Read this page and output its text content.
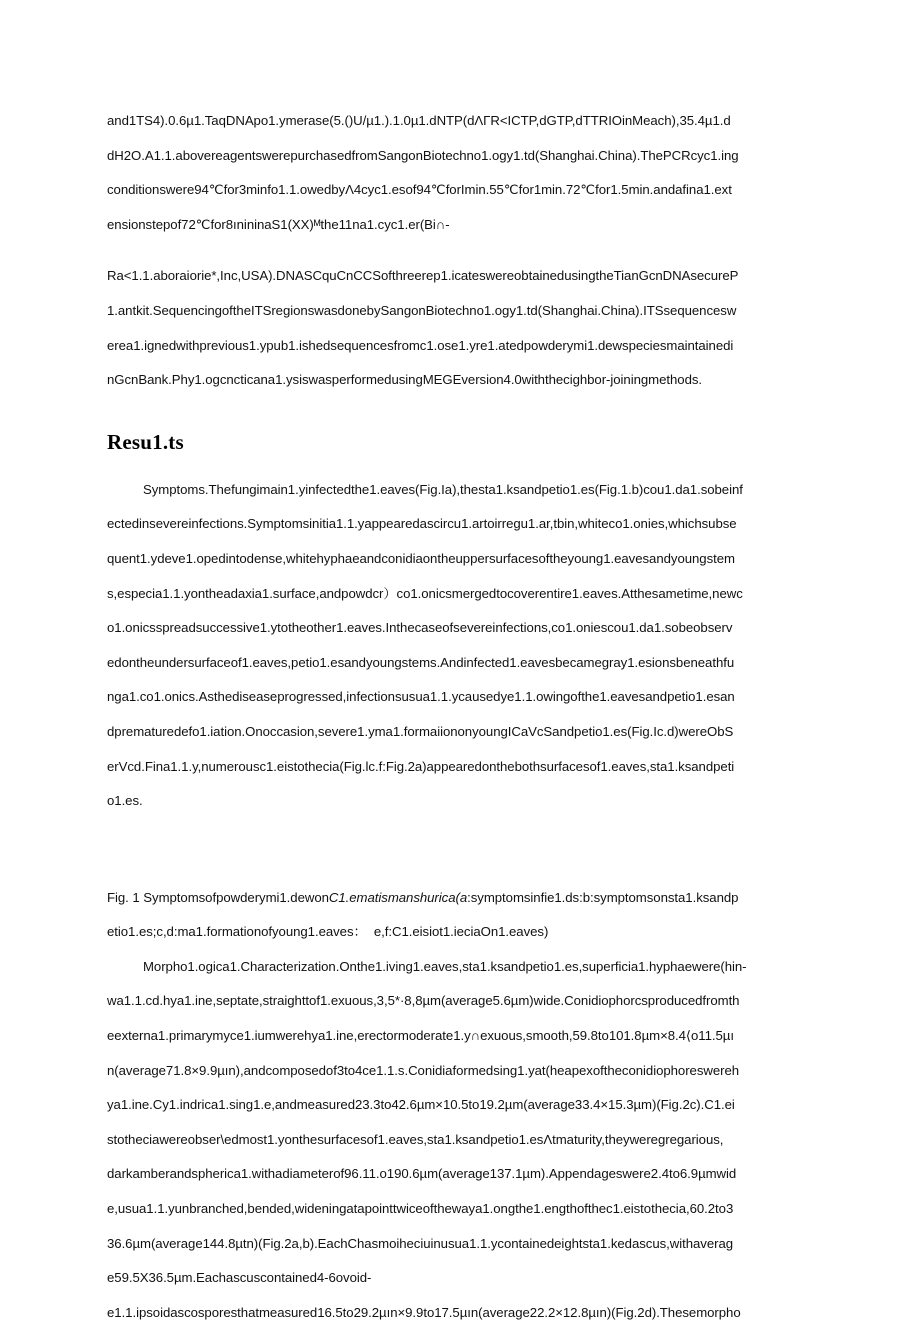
and1TS4).0.6µ1.TaqDNApo1.ymerase(5.()U/µ1.).1.0µ1.dNTP(dΛΓR<ICTP,dGTP,dTTRIOinMeach),35.4µ1.d
dH2O.A1.1.abovereagentswerepurchasedfromSangonBiotechno1.ogy1.td(Shanghai.China).ThePCRcyc1.ing
conditionswere94℃for3minfo1.1.owedbyΛ4cyc1.esof94℃forImin.55℃for1min.72℃for1.5min.andafina1.ext
ensionstepof72℃for8ınininaS1(XX)ᴹthe11na1.cyc1.er(Bi∩-
Ra<1.1.aboraiorie*,Inc,USA).DNASCquCnCCSofthreerep1.icateswereobtainedusingtheTianGcnDNAsecureP
1.antkit.SequencingoftheITSregionswasdonebySangonBiotechno1.ogy1.td(Shanghai.China).ITSsequencesw
erea1.ignedwithprevious1.ypub1.ishedsequencesfromc1.ose1.yre1.atedpowderymi1.dewspeciesmaintainedi
nGcnBank.Phy1.ogcncticana1.ysiswasperformedusingMEGEversion4.0withthecighbor-joiningmethods.
Resu1.ts
Symptoms.Thefungimain1.yinfectedthe1.eaves(Fig.Ia),thesta1.ksandpetio1.es(Fig.1.b)cou1.da1.sobeinf
ectedinsevereinfections.Symptomsinitia1.1.yappearedascircu1.artoirregu1.ar,tbin,whiteco1.onies,whichsubse
quent1.ydeve1.opedintodense,whitehyphaeandconidiaontheuppersurfacesoftheyoung1.eavesandyoungstem
s,especia1.1.yontheadaxia1.surface,andpowdcr）co1.onicsmergedtocoverentire1.eaves.Atthesametime,newc
o1.onicsspreadsuccessive1.ytotheother1.eaves.Inthecaseofsevereinfections,co1.oniescou1.da1.sobeobserv
edontheundersurfaceof1.eaves,petio1.esandyoungstems.Andinfected1.eavesbecamegray1.esionsbeneathfu
nga1.co1.onics.Asthediseaseprogressed,infectionsusua1.1.ycausedye1.1.owingofthe1.eavesandpetio1.esan
dprematuredefo1.iation.Onoccasion,severe1.yma1.formaiiononyoungICaVcSandpetio1.es(Fig.Ic.d)wereObS
erVcd.Fina1.1.y,numerousc1.eistothecia(Fig.lc.f:Fig.2a)appearedonthebothsurfacesof1.eaves,sta1.ksandpeti
o1.es.
Fig. 1 Symptomsofpowderymi1.dewonC1.ematismanshurica(a:symptomsinfie1.ds:b:symptomsonsta1.ksandp
etio1.es;c,d:ma1.formationofyoung1.eaves：  e,f:C1.eisiot1.ieciaOn1.eaves)
Morpho1.ogica1.Characterization.Onthe1.iving1.eaves,sta1.ksandpetio1.es,superficia1.hyphaewere(hin-
wa1.1.cd.hya1.ine,septate,straighttof1.exuous,3,5*·8,8µm(average5.6µm)wide.Conidiophorcsproducedfromth
eexterna1.primarymyce1.iumwerehya1.ine,erectormoderate1.y∩exuous,smooth,59.8to101.8µm×8.4⟨o11.5µı
n(average71.8×9.9µın),andcomposedof3to4ce1.1.s.Conidiaformedsing1.yat(heapexoftheconidiophoreswereh
ya1.ine.Cy1.indrica1.sing1.e,andmeasured23.3to42.6µm×10.5to19.2µm(average33.4×15.3µm)(Fig.2c).C1.ei
stotheciawereobser\edmost1.yonthesurfacesof1.eaves,sta1.ksandpetio1.esΛtmaturity,theyweregregarious,
darkamberandspherica1.withadiameterof96.11.o190.6µm(average137.1µm).Appendageswere2.4to6.9µmwid
e,usua1.1.yunbranched,bended,wideningatapointtwiceofthewaya1.ongthe1.engthofthec1.eistothecia,60.2to3
36.6µm(average144.8µtn)(Fig.2a,b).EachChasmoiheciuinusua1.1.ycontainedeightsta1.kedascus,withaverag
e59.5X36.5µm.Eachascuscontained4-6ovoid-
e1.1.ipsoidascosporesthatmeasured16.5to29.2µın×9.9to17.5µın(average22.2×12.8µın)(Fig.2d).Thesemorpho
